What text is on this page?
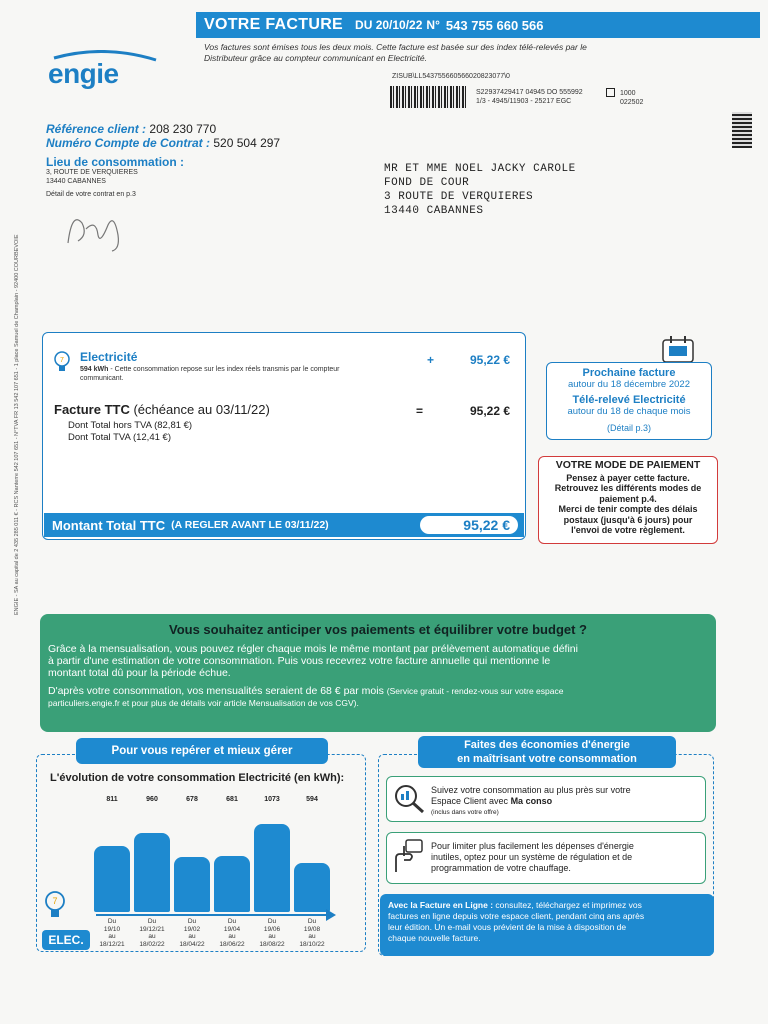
VOTRE FACTURE DU 20/10/22 N° 543 755 660 566
Vos factures sont émises tous les deux mois. Cette facture est basée sur des index télé-relevés par le
Distributeur grâce au compteur communicant en Electricité.
engie	ZISUB\LL543755660566020823077\0
S22937429417 04945 DO 555992	1000
1/3 - 4945/11903 - 25217 EGC	022502
Référence client : 208 230 770
Numéro Compte de Contrat : 520 504 297
Lieu de consommation :
3, ROUTE DE VERQUIERES
13440 CABANNES
Détail de votre contrat en p.3
MR ET MME NOEL JACKY CAROLE
FOND DE COUR
3 ROUTE DE VERQUIERES
13440 CABANNES
ENGIE - SA au capital de 2 435 285 011 € - RCS Nanterre 542 107 651 - N°TVA FR 13 542 107 651 - 1 place Samuel de Champlain - 92400 COURBEVOIE	7 Electricité
594 kWh - Cette consommation repose sur les index réels transmis par le compteur communicant.
+	95,22 €
Facture TTC (échéance au 03/11/22)	=	95,22 €
Dont Total hors TVA (82,81 €)
Dont Total TVA (12,41 €)
Montant Total TTC (A REGLER AVANT LE 03/11/22)	95,22 €
Prochaine facture
autour du 18 décembre 2022
Télé-relevé Electricité
autour du 18 de chaque mois
(Détail p.3)
VOTRE MODE DE PAIEMENT
Pensez à payer cette facture.
Retrouvez les différents modes de
paiement p.4.
Merci de tenir compte des délais
postaux (jusqu'à 6 jours) pour
l'envoi de votre règlement.
Vous souhaitez anticiper vos paiements et équilibrer votre budget ?
Grâce à la mensualisation, vous pouvez régler chaque mois le même montant par prélèvement automatique défini
à partir d'une estimation de votre consommation. Puis vous recevrez votre facture annuelle qui mentionne le
montant total dû pour la période échue.
D'après votre consommation, vos mensualités seraient de 68 € par mois (Service gratuit - rendez-vous sur votre espace
particuliers.engie.fr et pour plus de détails voir article Mensualisation de vos CGV).
Pour vous repérer et mieux gérer
L'évolution de votre consommation Electricité (en kWh):
811	960	678	681	1073	594
Du
19/10
au
18/12/21
Du
19/12/21
au
18/02/22
Du
19/02
au
18/04/22
Du
19/04
au
18/06/22
Du
19/06
au
18/08/22
Du
19/08
au
18/10/22
7
ELEC.
Faites des économies d'énergie
en maîtrisant votre consommation
Suivez votre consommation au plus près sur votre
Espace Client avec Ma conso
(inclus dans votre offre)
Pour limiter plus facilement les dépenses d'énergie
inutiles, optez pour un système de régulation et de
programmation de votre chauffage.
Avec la Facture en Ligne : consultez, téléchargez et imprimez vos
factures en ligne depuis votre espace client, pendant cinq ans après
leur édition. Un e-mail vous prévient de la mise à disposition de
chaque nouvelle facture.
